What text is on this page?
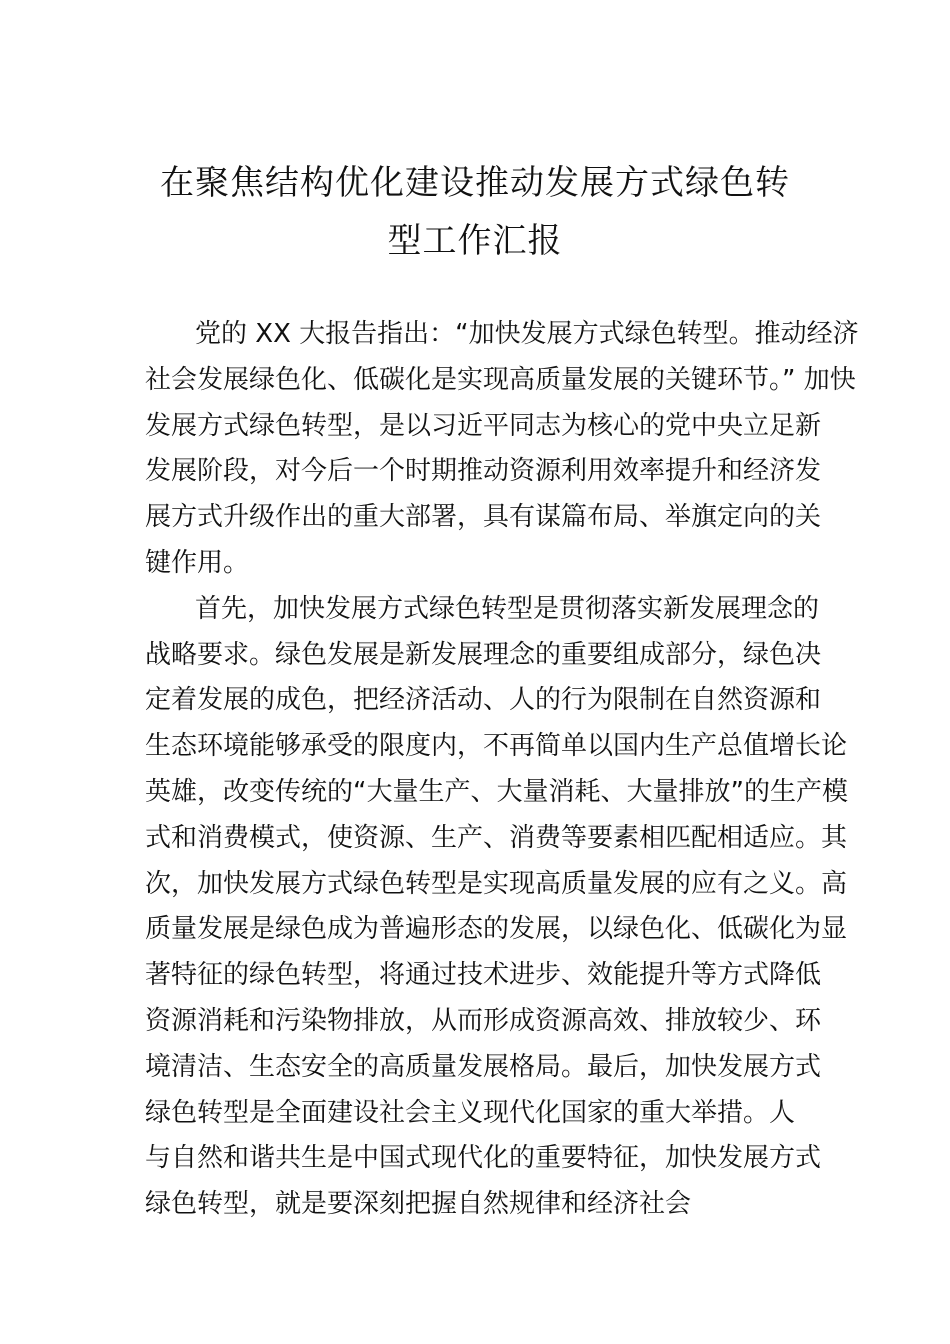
在聚焦结构优化建设推动发展方式绿色转
型工作汇报
党的 XX 大报告指出：“加快发展方式绿色转型。推动经济
社会发展绿色化、低碳化是实现高质量发展的关键环节。” 加快
发展方式绿色转型，是以习近平同志为核心的党中央立足新
发展阶段，对今后一个时期推动资源利用效率提升和经济发
展方式升级作出的重大部署，具有谋篇布局、举旗定向的关
键作用。
首先，加快发展方式绿色转型是贯彻落实新发展理念的
战略要求。绿色发展是新发展理念的重要组成部分，绿色决
定着发展的成色，把经济活动、人的行为限制在自然资源和
生态环境能够承受的限度内，不再简单以国内生产总值增长论
英雄，改变传统的“大量生产、大量消耗、大量排放”的生产模
式和消费模式，使资源、生产、消费等要素相匹配相适应。其
次，加快发展方式绿色转型是实现高质量发展的应有之义。高
质量发展是绿色成为普遍形态的发展，以绿色化、低碳化为显
著特征的绿色转型，将通过技术进步、效能提升等方式降低
资源消耗和污染物排放，从而形成资源高效、排放较少、环
境清洁、生态安全的高质量发展格局。最后，加快发展方式
绿色转型是全面建设社会主义现代化国家的重大举措。人
与自然和谐共生是中国式现代化的重要特征，加快发展方式
绿色转型，就是要深刻把握自然规律和经济社会
